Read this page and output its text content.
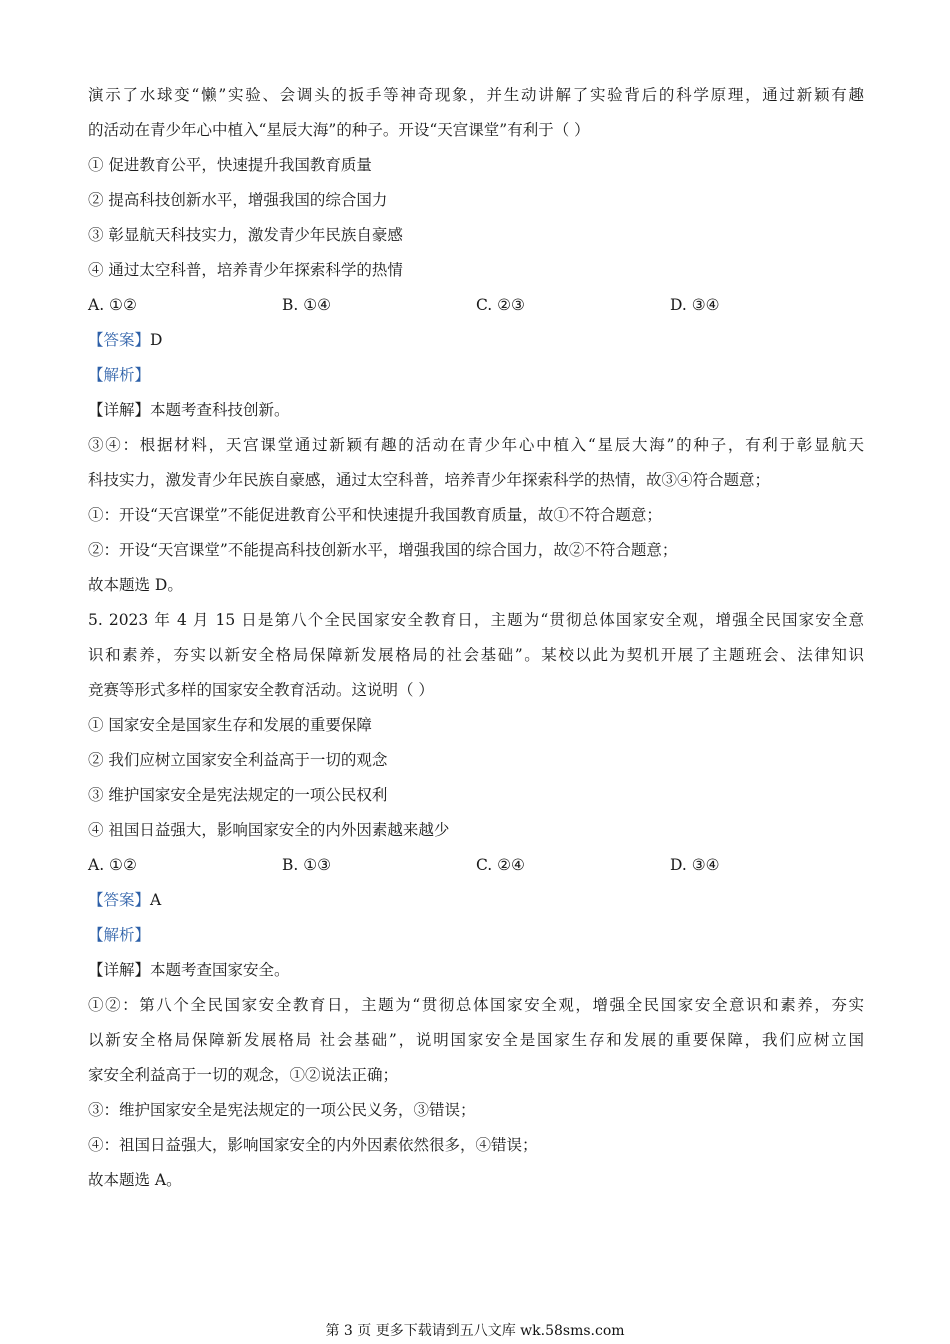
演示了水球变“懒”实验、会调头的扳手等神奇现象，并生动讲解了实验背后的科学原理，通过新颖有趣
的活动在青少年心中植入“星辰大海”的种子。开设“天宫课堂”有利于（ ）
① 促进教育公平，快速提升我国教育质量
② 提高科技创新水平，增强我国的综合国力
③ 彰显航天科技实力，激发青少年民族自豪感
④ 通过太空科普，培养青少年探索科学的热情
A. ①②	B. ①④	C. ②③	D. ③④
【答案】D
【解析】
【详解】本题考查科技创新。
③④：根据材料，天宫课堂通过新颖有趣的活动在青少年心中植入“星辰大海”的种子，有利于彰显航天
科技实力，激发青少年民族自豪感，通过太空科普，培养青少年探索科学的热情，故③④符合题意；
①：开设“天宫课堂”不能促进教育公平和快速提升我国教育质量，故①不符合题意；
②：开设“天宫课堂”不能提高科技创新水平，增强我国的综合国力，故②不符合题意；
故本题选 D。
5. 2023 年 4 月 15 日是第八个全民国家安全教育日，主题为“贯彻总体国家安全观，增强全民国家安全意
识和素养，夯实以新安全格局保障新发展格局的社会基础”。某校以此为契机开展了主题班会、法律知识
竞赛等形式多样的国家安全教育活动。这说明（ ）
① 国家安全是国家生存和发展的重要保障
② 我们应树立国家安全利益高于一切的观念
③ 维护国家安全是宪法规定的一项公民权利
④ 祖国日益强大，影响国家安全的内外因素越来越少
A. ①②	B. ①③	C. ②④	D. ③④
【答案】A
【解析】
【详解】本题考查国家安全。
①②：第八个全民国家安全教育日，主题为“贯彻总体国家安全观，增强全民国家安全意识和素养，夯实
以新安全格局保障新发展格局 社会基础”，说明国家安全是国家生存和发展的重要保障，我们应树立国
家安全利益高于一切的观念，①②说法正确；
③：维护国家安全是宪法规定的一项公民义务，③错误；
④：祖国日益强大，影响国家安全的内外因素依然很多，④错误；
故本题选 A。
第 3 页 更多下载请到五八文库 wk.58sms.com
